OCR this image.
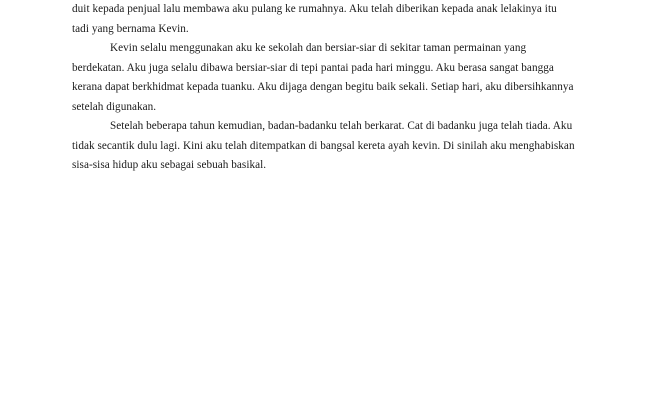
duit kepada penjual lalu membawa aku pulang ke rumahnya. Aku telah diberikan kepada anak lelakinya itu tadi yang bernama Kevin.

Kevin selalu menggunakan aku ke sekolah dan bersiar-siar di sekitar taman permainan yang berdekatan. Aku juga selalu dibawa bersiar-siar di tepi pantai pada hari minggu. Aku berasa sangat bangga kerana dapat berkhidmat kepada tuanku. Aku dijaga dengan begitu baik sekali. Setiap hari, aku dibersihkannya setelah digunakan.

Setelah beberapa tahun kemudian, badan-badanku telah berkarat. Cat di badanku juga telah tiada. Aku tidak secantik dulu lagi. Kini aku telah ditempatkan di bangsal kereta ayah kevin. Di sinilah aku menghabiskan sisa-sisa hidup aku sebagai sebuah basikal.
